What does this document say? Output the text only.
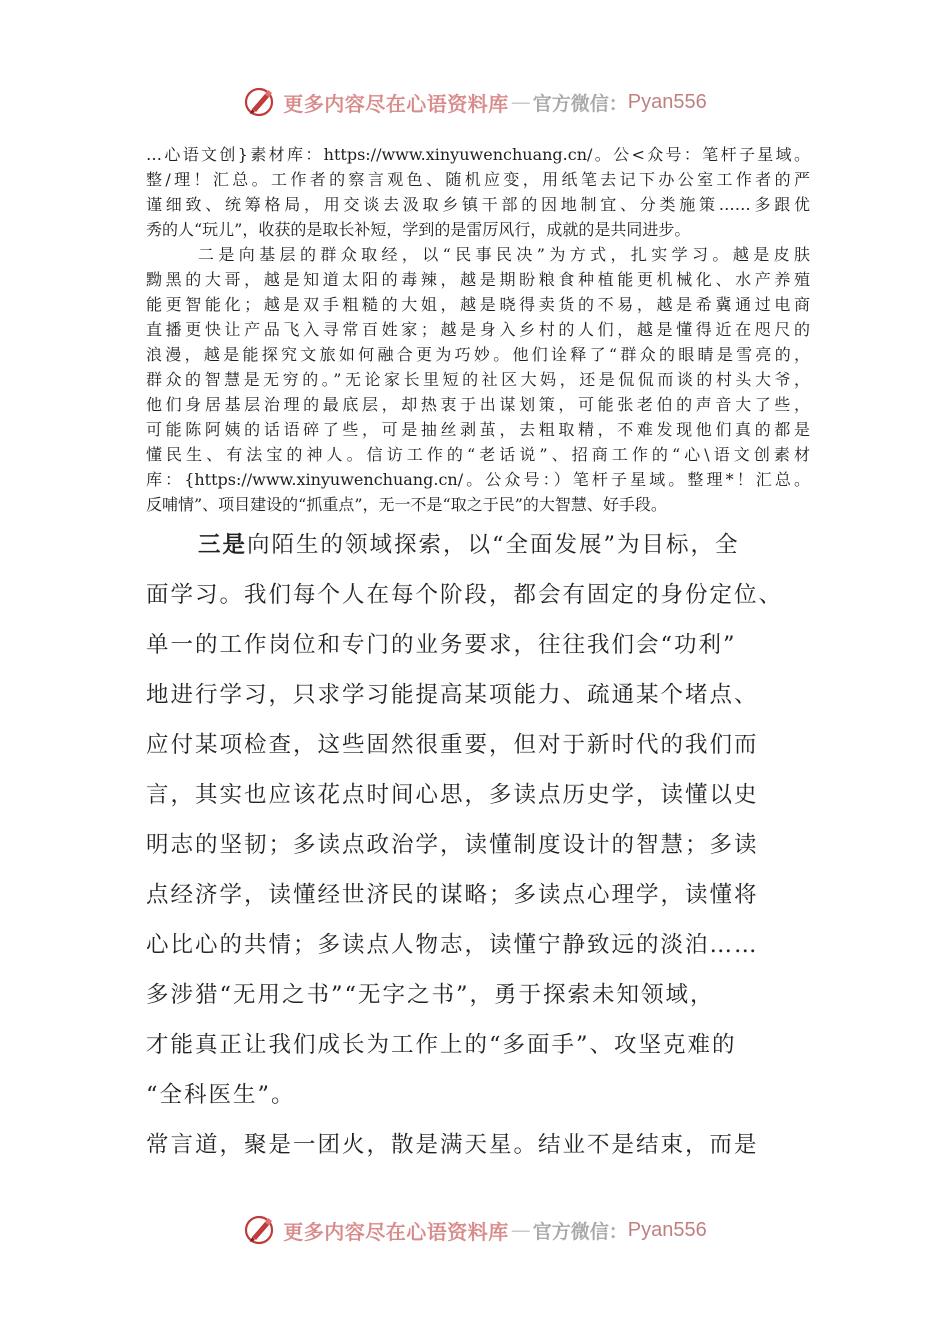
更多内容尽在心语资料库 — 官方微信： Pyan556
…心语文创}素材库：https://www.xinyuwenchuang.cn/。公<众号：笔杆子星域。
整/理！汇总。工作者的察言观色、随机应变，用纸笔去记下办公室工作者的严
谨细致、统筹格局，用交谈去汲取乡镇干部的因地制宜、分类施策……多跟优
秀的人“玩儿”，收获的是取长补短，学到的是雷厉风行，成就的是共同进步。
二是向基层的群众取经，以“民事民决”为方式，扎实学习。越是皮肤
黝黑的大哥，越是知道太阳的毒辣，越是期盼粮食种植能更机械化、水产养殖
能更智能化；越是双手粗糙的大姐，越是晓得卖货的不易，越是希冀通过电商
直播更快让产品飞入寻常百姓家；越是身入乡村的人们，越是懂得近在咫尺的
浪漫，越是能探究文旅如何融合更为巧妙。他们诠释了“群众的眼睛是雪亮的，
群众的智慧是无穷的。”无论家长里短的社区大妈，还是侃侃而谈的村头大爷，
他们身居基层治理的最底层，却热衷于出谋划策，可能张老伯的声音大了些，
可能陈阿姨的话语碎了些，可是抽丝剥茧，去粗取精，不难发现他们真的都是
懂民生、有法宝的神人。信访工作的“老话说”、招商工作的“心\语文创素材
库：{https://www.xinyuwenchuang.cn/。公众号：）笔杆子星域。整理*！汇总。
反哺情”、项目建设的“抓重点”，无一不是“取之于民”的大智慧、好手段。
三是向陌生的领域探索，以“全面发展”为目标，全
面学习。我们每个人在每个阶段，都会有固定的身份定位、
单一的工作岗位和专门的业务要求，往往我们会“功利”
地进行学习，只求学习能提高某项能力、疏通某个堵点、
应付某项检查，这些固然很重要，但对于新时代的我们而
言，其实也应该花点时间心思，多读点历史学，读懂以史
明志的坚韧；多读点政治学，读懂制度设计的智慧；多读
点经济学，读懂经世济民的谋略；多读点心理学，读懂将
心比心的共情；多读点人物志，读懂宁静致远的淡泊……
多涉猎“无用之书”“无字之书”，勇于探索未知领域，
才能真正让我们成长为工作上的“多面手”、攻坚克难的
“全科医生”。
常言道，聚是一团火，散是满天星。结业不是结束，而是
更多内容尽在心语资料库 — 官方微信： Pyan556
